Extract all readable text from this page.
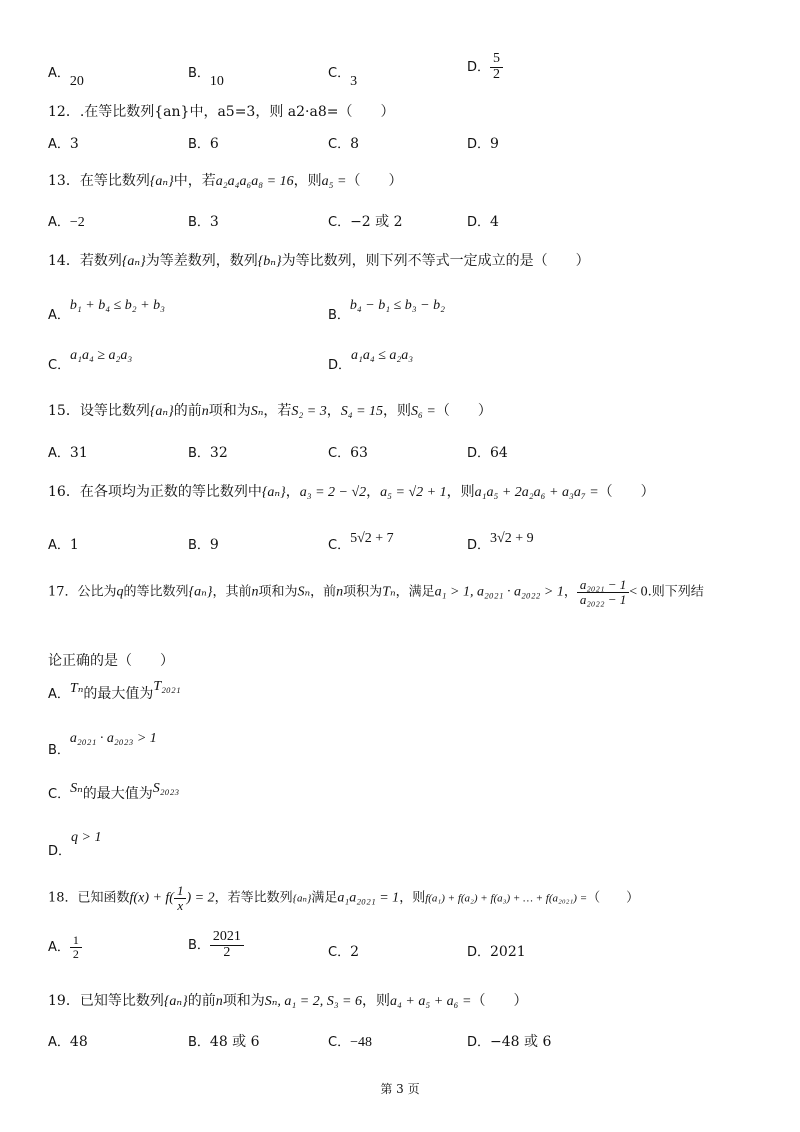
A．20
B．10
C．3
D． $\frac{5}{2}$
12．.在等比数列{an}中，a5=3，则 a2·a8=（　　）
A．3	B．6	C．8	D．9
13．在等比数列{aₙ}中，若a₂a₄a₆a₈ = 16，则a₅ =（　　）
A．−2	B．3	C．−2 或 2	D．4
14．若数列{aₙ}为等差数列，数列{bₙ}为等比数列，则下列不等式一定成立的是（　　）
A．b₁ + b₄ ≤ b₂ + b₃
B．b₄ − b₁ ≤ b₃ − b₂
C．a₁a₄ ≥ a₂a₃
D．a₁a₄ ≤ a₂a₃
15．设等比数列{aₙ}的前n项和为Sₙ，若S₂ = 3，S₄ = 15，则S₆ =（　　）
A．31	B．32	C．63	D．64
16．在各项均为正数的等比数列中{aₙ}，a₃ = 2 − √2，a₅ = √2 + 1，则a₁a₅ + 2a₂a₆ + a₃a₇ =（　　）
A．1	B．9	C．5√2 + 7	D．3√2 + 9
17．公比为q的等比数列{aₙ}，其前n项和为Sₙ，前n项积为Tₙ，满足a₁ > 1, a₂₀₂₁ · a₂₀₂₂ > 1， $\frac{\text{a₂₀₂₁ − 1}}{\text{a₂₀₂₂ − 1}} < 0$.则下列结
论正确的是（　　）
A．Tₙ的最大值为T₂₀₂₁
B．a₂₀₂₁ · a₂₀₂₃ > 1
C．Sₙ的最大值为S₂₀₂₃
D．q > 1
18．已知函数$f(x) + f( \frac{1}{x}$ ) = 2，若等比数列{aₙ}满足a₁a₂₀₂₁ = 1，则f(a₁) + f(a₂) + f(a₃) + … + f(a₂₀₂₁) =（　　）
A． $\frac{1}{2}$	B． $\frac{2021}{2}$	C．2	D．2021
19．已知等比数列{aₙ}的前n项和为Sₙ, a₁ = 2, S₃ = 6，则a₄ + a₅ + a₆ =（　　）
A．48	B．48 或 6	C．−48	D．−48 或 6
第 3 页
